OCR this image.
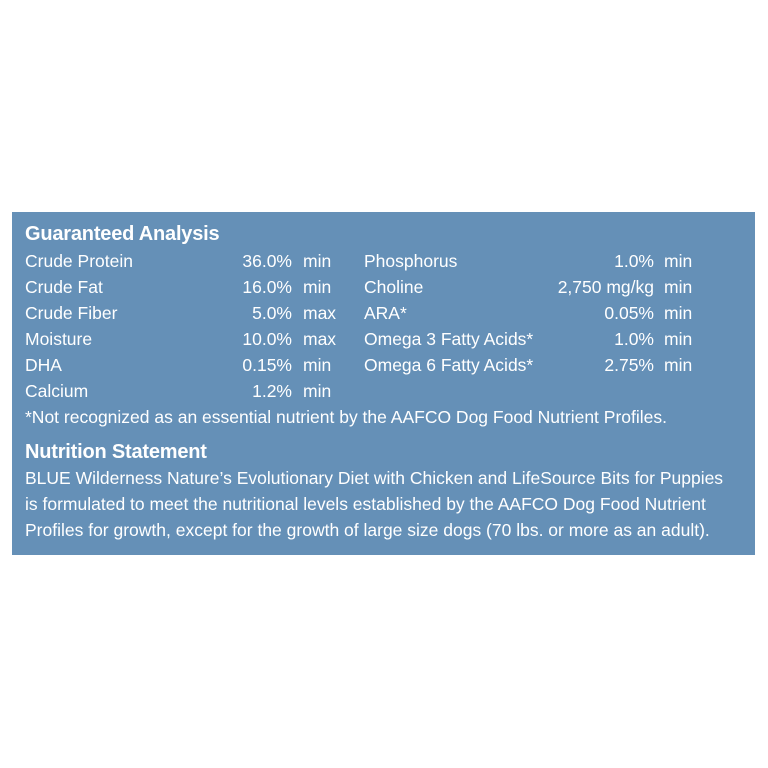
Guaranteed Analysis
Crude Protein	36.0% min Phosphorus	1.0% min
Crude Fat	16.0% min Choline	2,750 mg/kg min
Crude Fiber	5.0% max ARA*	0.05% min
Moisture	10.0% max Omega 3 Fatty Acids*	1.0% min
DHA	0.15% min Omega 6 Fatty Acids*	2.75% min
Calcium	1.2% min
*Not recognized as an essential nutrient by the AAFCO Dog Food Nutrient Profiles.
Nutrition Statement
BLUE Wilderness Nature’s Evolutionary Diet with Chicken and LifeSource Bits for Puppies
is formulated to meet the nutritional levels established by the AAFCO Dog Food Nutrient
Profiles for growth, except for the growth of large size dogs (70 lbs. or more as an adult).
